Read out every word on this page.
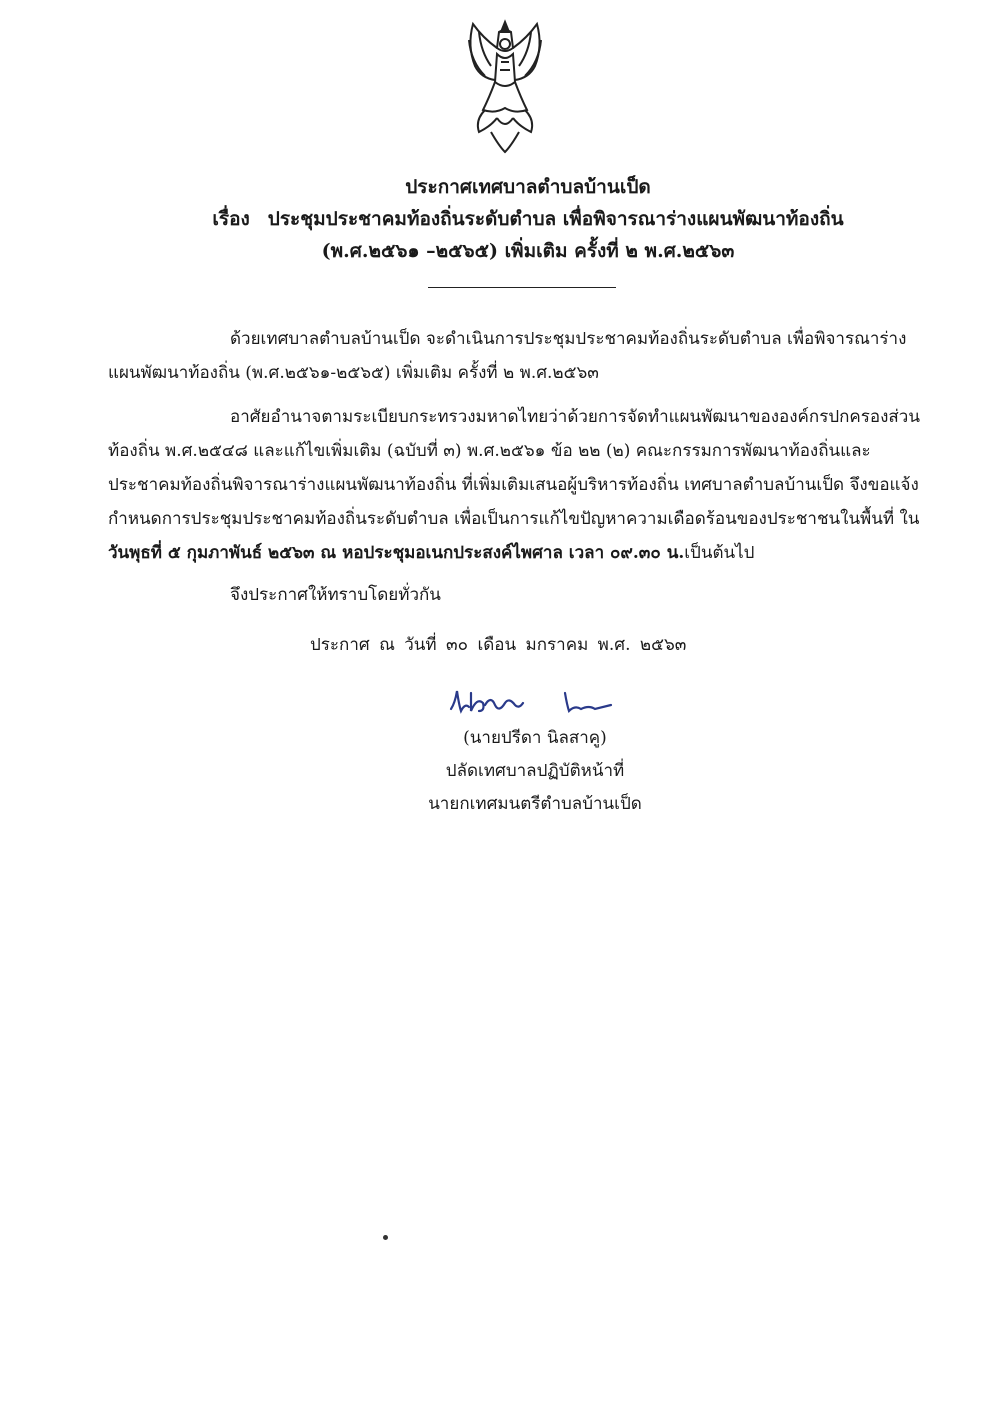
ประกาศเทศบาลตำบลบ้านเป็ด
เรื่อง ประชุมประชาคมท้องถิ่นระดับตำบล เพื่อพิจารณาร่างแผนพัฒนาท้องถิ่น
(พ.ศ.๒๕๖๑ –๒๕๖๕) เพิ่มเติม ครั้งที่ ๒ พ.ศ.๒๕๖๓
ด้วยเทศบาลตำบลบ้านเป็ด จะดำเนินการประชุมประชาคมท้องถิ่นระดับตำบล เพื่อพิจารณาร่าง
แผนพัฒนาท้องถิ่น (พ.ศ.๒๕๖๑-๒๕๖๕) เพิ่มเติม ครั้งที่ ๒ พ.ศ.๒๕๖๓
อาศัยอำนาจตามระเบียบกระทรวงมหาดไทยว่าด้วยการจัดทำแผนพัฒนาขององค์กรปกครองส่วน
ท้องถิ่น พ.ศ.๒๕๔๘ และแก้ไขเพิ่มเติม (ฉบับที่ ๓) พ.ศ.๒๕๖๑ ข้อ ๒๒ (๒) คณะกรรมการพัฒนาท้องถิ่นและ
ประชาคมท้องถิ่นพิจารณาร่างแผนพัฒนาท้องถิ่น ที่เพิ่มเติมเสนอผู้บริหารท้องถิ่น เทศบาลตำบลบ้านเป็ด จึงขอแจ้ง
กำหนดการประชุมประชาคมท้องถิ่นระดับตำบล เพื่อเป็นการแก้ไขปัญหาความเดือดร้อนของประชาชนในพื้นที่ ใน
วันพุธที่ ๕ กุมภาพันธ์ ๒๕๖๓ ณ หอประชุมอเนกประสงค์ไพศาล เวลา ๐๙.๓๐ น.เป็นต้นไป
จึงประกาศให้ทราบโดยทั่วกัน
ประกาศ ณ วันที่ ๓๐ เดือน มกราคม พ.ศ. ๒๕๖๓
(นายปรีดา นิลสาคู)
ปลัดเทศบาลปฏิบัติหน้าที่
นายกเทศมนตรีตำบลบ้านเป็ด
